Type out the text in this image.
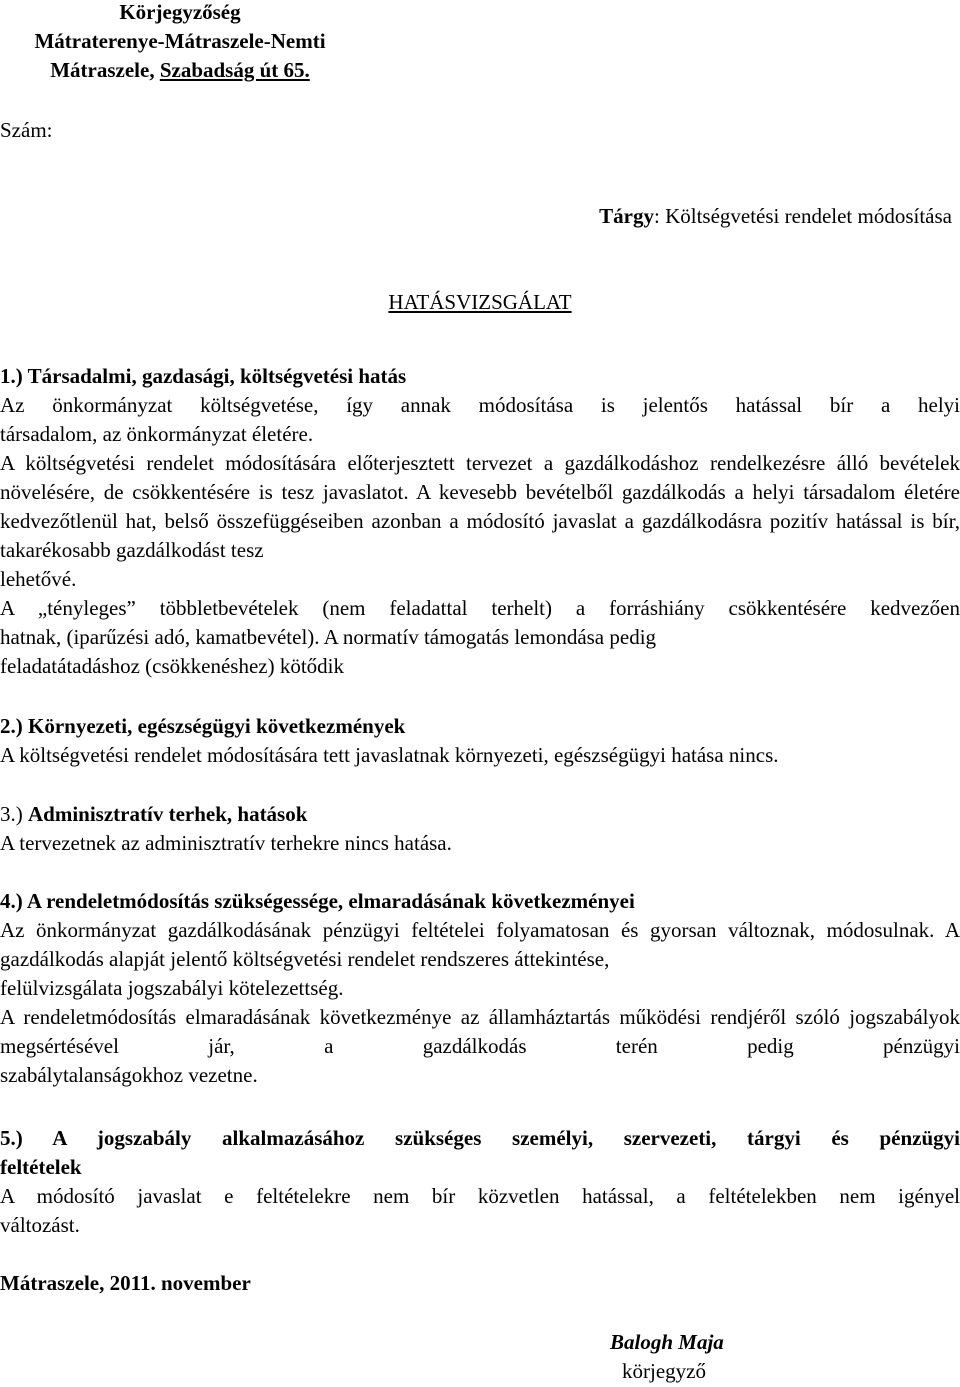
Körjegyzőség
Mátraterenye-Mátraszele-Nemti
Mátraszele, Szabadság út 65.
Szám:
Tárgy: Költségvetési rendelet módosítása
HATÁSVIZSGÁLAT

1.) Társadalmi, gazdasági, költségvetési hatás

Az önkormányzat költségvetése, így annak módosítása is jelentős hatással bír a helyi

társadalom, az önkormányzat életére.

A költségvetési rendelet módosítására előterjesztett tervezet a gazdálkodáshoz rendelkezésre álló bevételek növelésére, de csökkentésére is tesz javaslatot. A kevesebb bevételből gazdálkodás a helyi társadalom életére kedvezőtlenül hat, belső összefüggéseiben azonban a módosító javaslat a gazdálkodásra pozitív hatással is bír, takarékosabb gazdálkodást tesz

lehetővé.

A „tényleges” többletbevételek (nem feladattal terhelt) a forráshiány csökkentésére kedvezően

hatnak, (iparűzési adó, kamatbevétel). A normatív támogatás lemondása pedig

feladatátadáshoz (csökkenéshez) kötődik

2.) Környezeti, egészségügyi következmények

A költségvetési rendelet módosítására tett javaslatnak környezeti, egészségügyi hatása nincs.

3.) Adminisztratív terhek, hatások

A tervezetnek az adminisztratív terhekre nincs hatása.

4.) A rendeletmódosítás szükségessége, elmaradásának következményei

Az önkormányzat gazdálkodásának pénzügyi feltételei folyamatosan és gyorsan változnak, módosulnak. A gazdálkodás alapját jelentő költségvetési rendelet rendszeres áttekintése,

felülvizsgálata jogszabályi kötelezettség.

A rendeletmódosítás elmaradásának következménye az államháztartás működési rendjéről szóló jogszabályok megsértésével jár, a gazdálkodás terén pedig pénzügyi

szabálytalanságokhoz vezetne.

5.) A jogszabály alkalmazásához szükséges személyi, szervezeti, tárgyi és pénzügyi

feltételek

A módosító javaslat e feltételekre nem bír közvetlen hatással, a feltételekben nem igényel

változást.

Mátraszele, 2011. november
Balogh Maja
körjegyző
